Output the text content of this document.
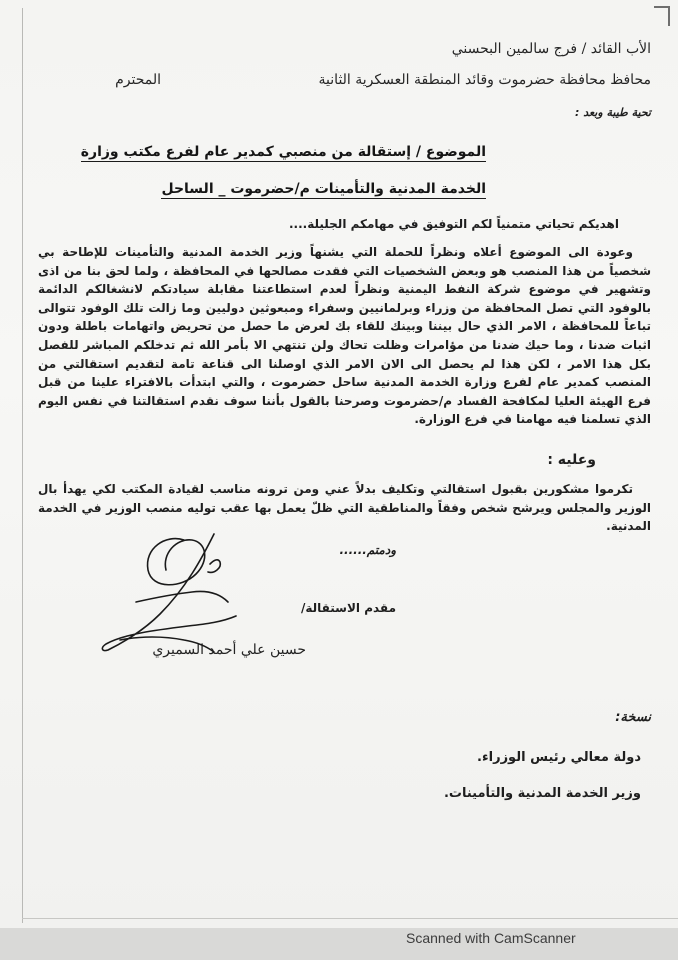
الأب القائد / فرج سالمين البحسني
محافظ محافظة حضرموت وقائد المنطقة العسكرية الثانية
المحترم
تحية طيبة وبعد :
الموضوع / إستقالة من منصبي كمدير عام لفرع مكتب وزارة
الخدمة المدنية والتأمينات م/حضرموت _ الساحل
اهديكم تحياتي متمنياً لكم التوفيق في مهامكم الجليلة....

وعودة الى الموضوع أعلاه ونظراً للحملة التي يشنهاً وزير الخدمة المدنية والتأمينات للإطاحة بي شخصياً من هذا المنصب هو وبعض الشخصيات التي فقدت مصالحها في المحافظة ، ولما لحق بنا من اذى وتشهير في موضوع شركة النفط اليمنية ونظراً لعدم استطاعتنا مقابلة سيادتكم لانشغالكم الدائمة بالوفود التي تصل المحافظة من وزراء وبرلمانيين وسفراء ومبعوثين دوليين وما زالت تلك الوفود تتوالى تباعاً للمحافظة ، الامر الذي حال بيننا وبينك للقاء بك لعرض ما حصل من تحريض واتهامات باطلة ودون اثبات ضدنا ، وما حيك ضدنا من مؤامرات وظلت تحاك ولن تنتهي الا بأمر الله ثم تدخلكم المباشر للفصل بكل هذا الامر ، لكن هذا لم يحصل الى الان الامر الذي اوصلنا الى قناعة تامة لتقديم استقالتي من المنصب كمدير عام لفرع وزارة الخدمة المدنية ساحل حضرموت ، والتي ابتدأت بالافتراء علينا من قبل فرع الهيئة العليا لمكافحة الفساد م/حضرموت وصرحنا بالقول بأننا سوف نقدم استقالتنا في نفس اليوم الذي تسلمنا فيه مهامنا في فرع الوزارة.

وعليه :

تكرموا مشكورين بقبول استقالتي وتكليف بدلاً عني ومن ترونه مناسب لقيادة المكتب لكي يهدأ بال الوزير والمجلس ويرشح شخص وفقاً والمناطقية التي ظلّ يعمل بها عقب توليه منصب الوزير في الخدمة المدنية.

ودمتم......
مقدم الاستقالة/
حسين علي أحمد السميري
نسخة:
دولة معالي رئيس الوزراء.
وزير الخدمة المدنية والتأمينات.
Scanned with CamScanner
